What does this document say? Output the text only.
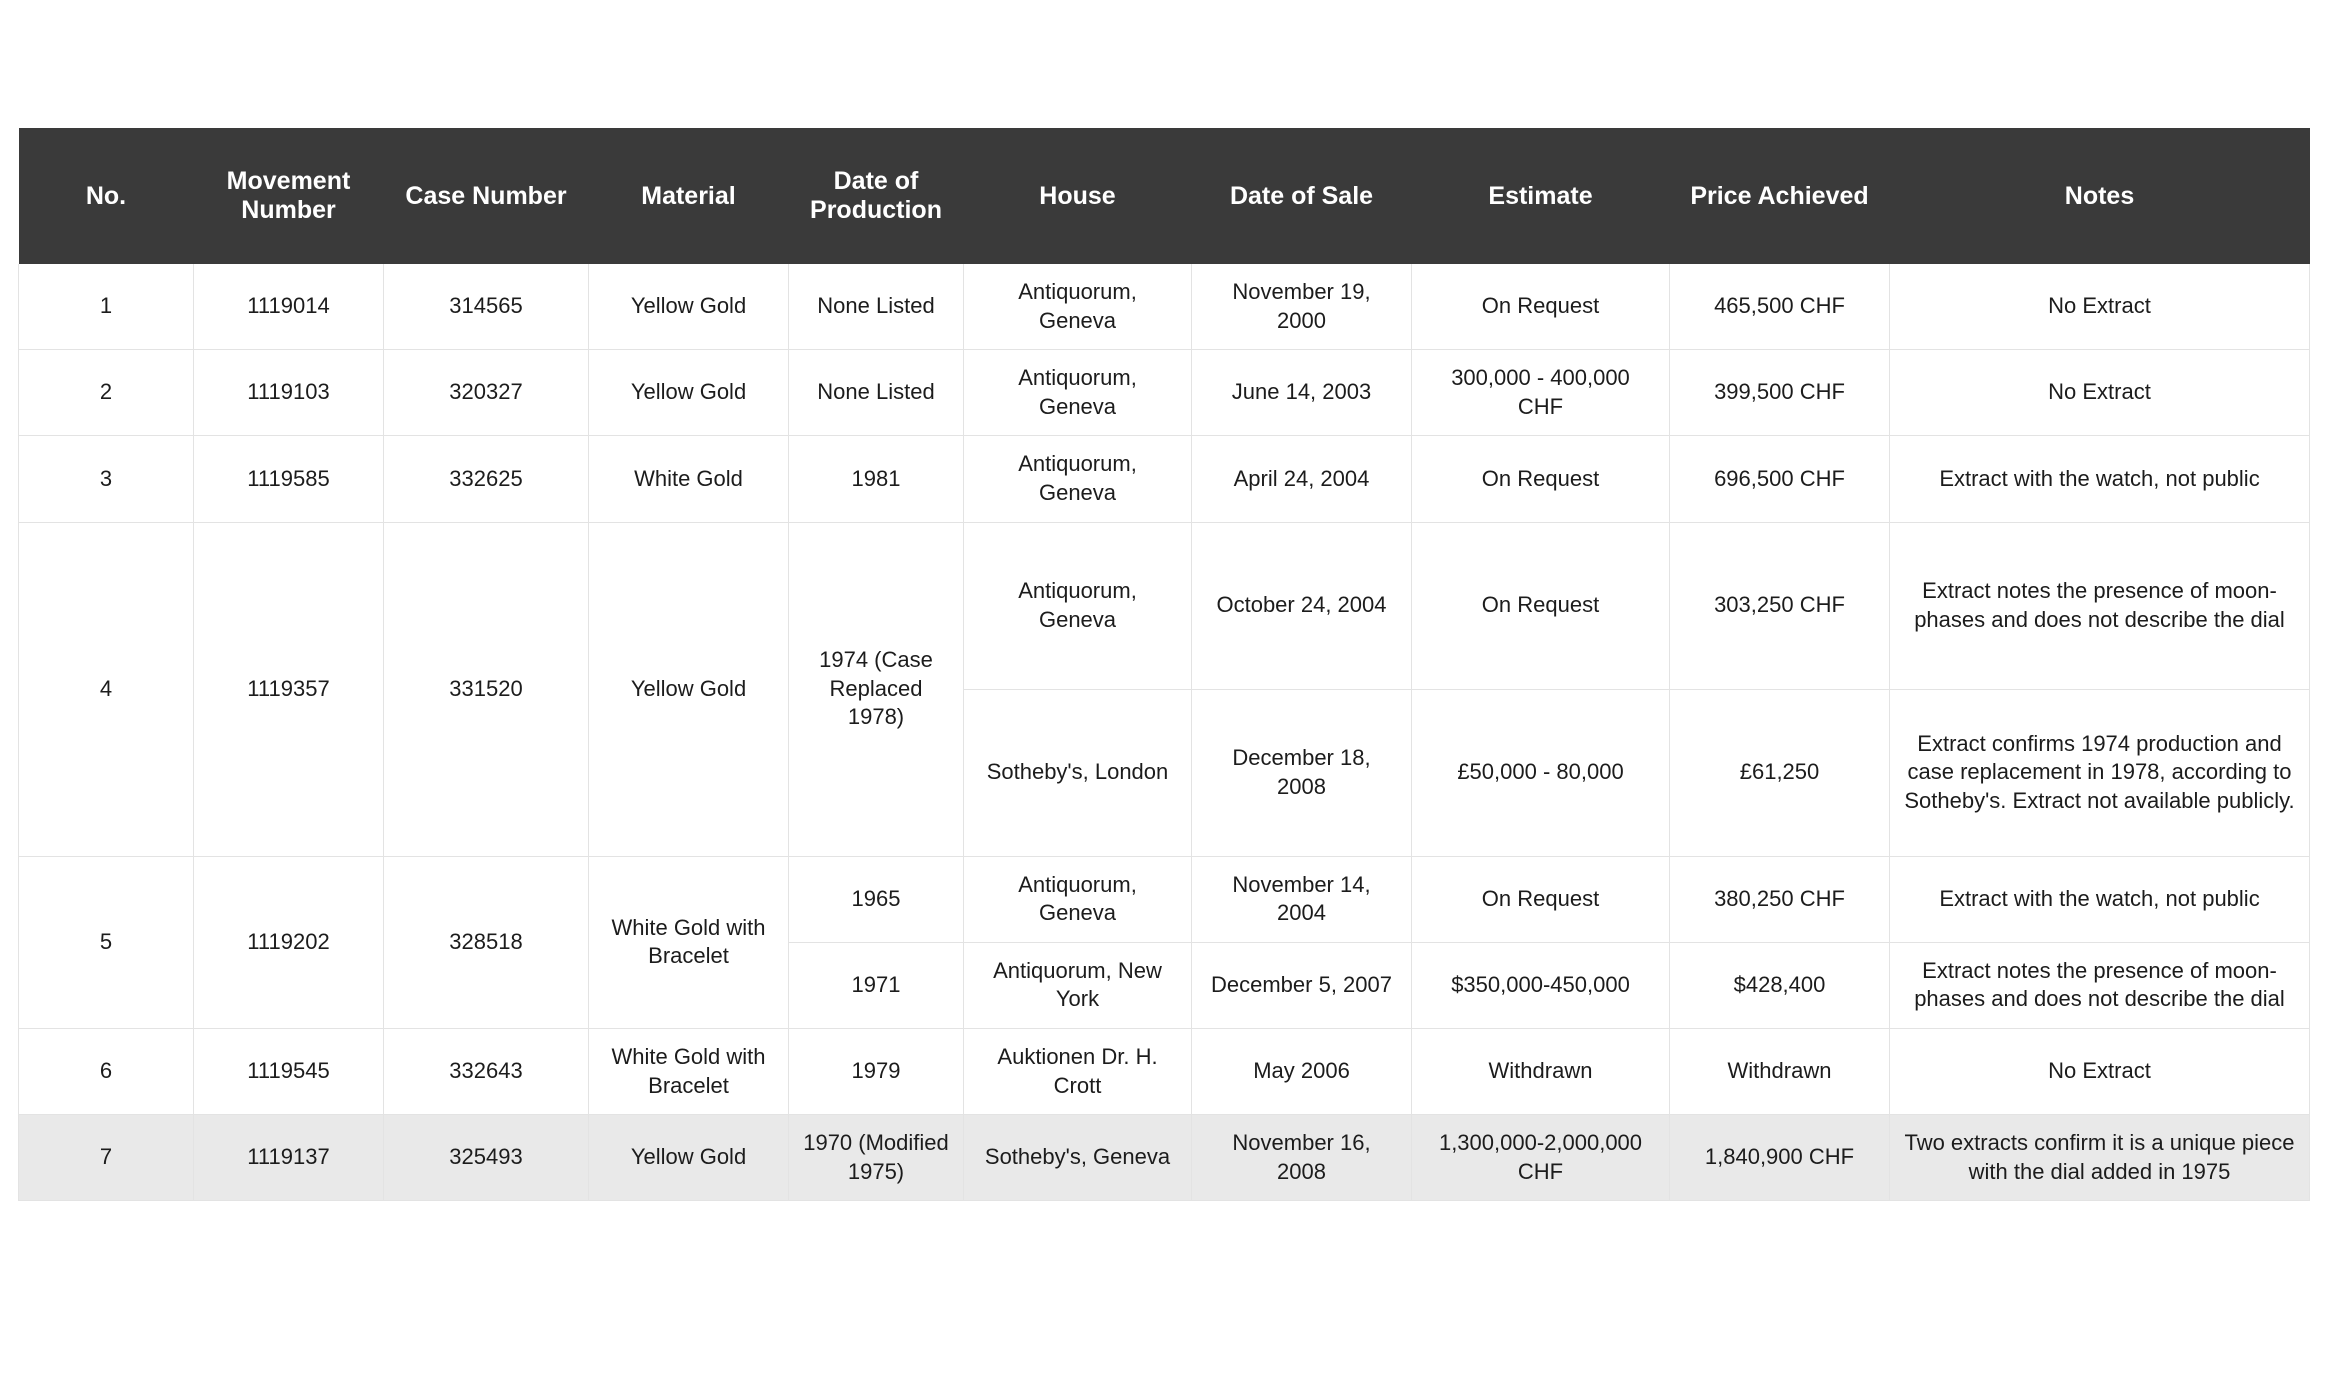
No.	Movement Number	Case Number	Material	Date of Production	House	Date of Sale	Estimate	Price Achieved	Notes
1	1119014	314565	Yellow Gold	None Listed	Antiquorum, Geneva	November 19, 2000	On Request	465,500 CHF	No Extract
2	1119103	320327	Yellow Gold	None Listed	Antiquorum, Geneva	June 14, 2003	300,000 - 400,000 CHF	399,500 CHF	No Extract
3	1119585	332625	White Gold	1981	Antiquorum, Geneva	April 24, 2004	On Request	696,500 CHF	Extract with the watch, not public
4	1119357	331520	Yellow Gold	1974 (Case Replaced 1978)	Antiquorum, Geneva	October 24, 2004	On Request	303,250 CHF	Extract notes the presence of moon-phases and does not describe the dial
					Sotheby's, London	December 18, 2008	£50,000 - 80,000	£61,250	Extract confirms 1974 production and case replacement in 1978, according to Sotheby's. Extract not available publicly.
5	1119202	328518	White Gold with Bracelet	1965	Antiquorum, Geneva	November 14, 2004	On Request	380,250 CHF	Extract with the watch, not public
				1971	Antiquorum, New York	December 5, 2007	$350,000-450,000	$428,400	Extract notes the presence of moon-phases and does not describe the dial
6	1119545	332643	White Gold with Bracelet	1979	Auktionen Dr. H. Crott	May 2006	Withdrawn	Withdrawn	No Extract
7	1119137	325493	Yellow Gold	1970 (Modified 1975)	Sotheby's, Geneva	November 16, 2008	1,300,000-2,000,000 CHF	1,840,900 CHF	Two extracts confirm it is a unique piece with the dial added in 1975
